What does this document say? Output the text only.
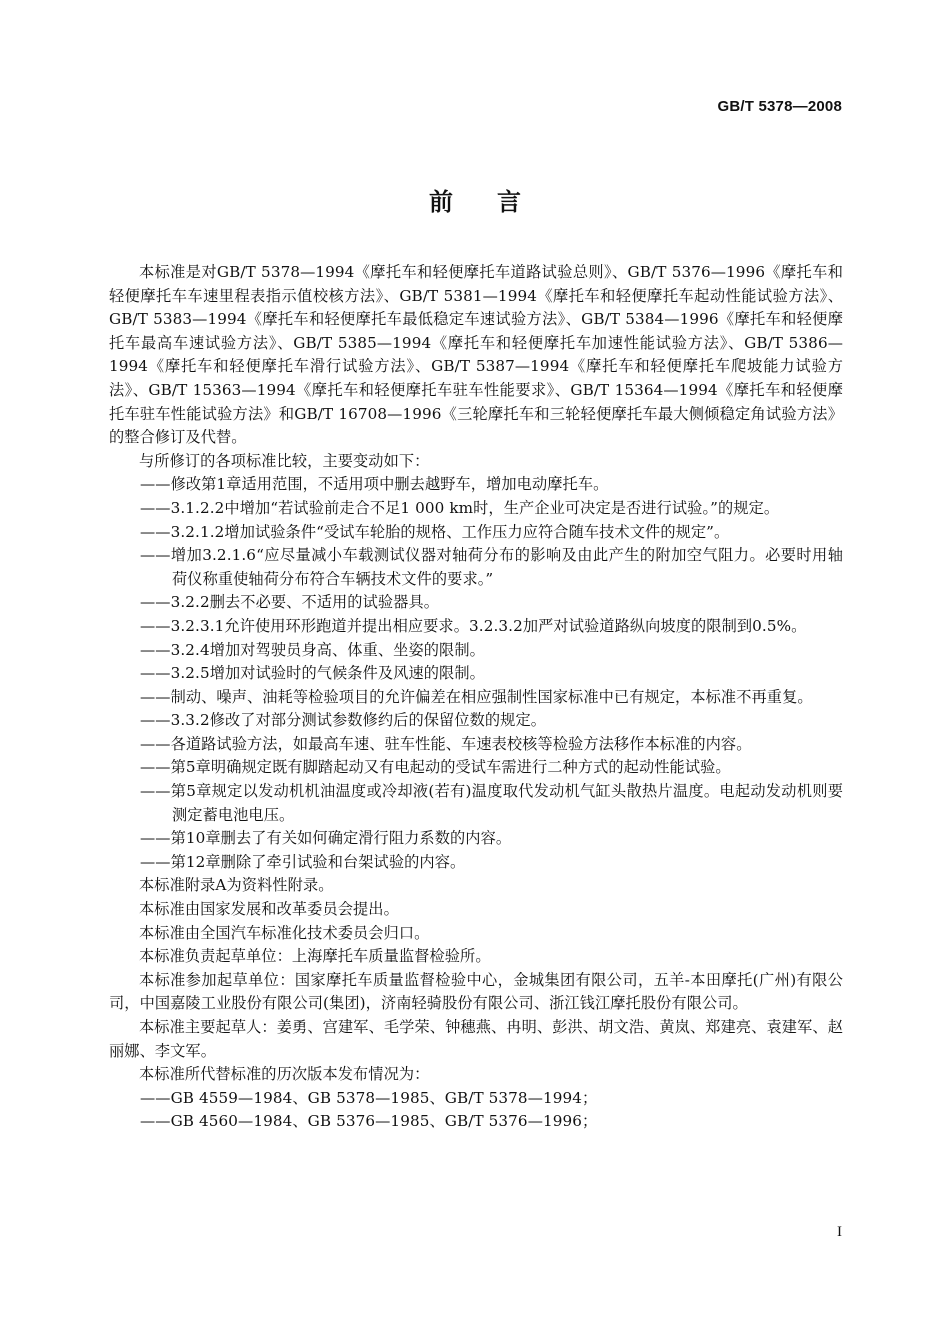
GB/T 5378—2008
前言

本标准是对GB/T 5378—1994《摩托车和轻便摩托车道路试验总则》、GB/T 5376—1996《摩托车和轻便摩托车车速里程表指示值校核方法》、GB/T 5381—1994《摩托车和轻便摩托车起动性能试验方法》、GB/T 5383—1994《摩托车和轻便摩托车最低稳定车速试验方法》、GB/T 5384—1996《摩托车和轻便摩托车最高车速试验方法》、GB/T 5385—1994《摩托车和轻便摩托车加速性能试验方法》、GB/T 5386—1994《摩托车和轻便摩托车滑行试验方法》、GB/T 5387—1994《摩托车和轻便摩托车爬坡能力试验方法》、GB/T 15363—1994《摩托车和轻便摩托车驻车性能要求》、GB/T 15364—1994《摩托车和轻便摩托车驻车性能试验方法》和GB/T 16708—1996《三轮摩托车和三轮轻便摩托车最大侧倾稳定角试验方法》的整合修订及代替。

与所修订的各项标准比较，主要变动如下：

——修改第1章适用范围，不适用项中删去越野车，增加电动摩托车。

——3.1.2.2中增加“若试验前走合不足1 000 km时，生产企业可决定是否进行试验。”的规定。

——3.2.1.2增加试验条件“受试车轮胎的规格、工作压力应符合随车技术文件的规定”。

——增加3.2.1.6“应尽量减小车载测试仪器对轴荷分布的影响及由此产生的附加空气阻力。必要时用轴荷仪称重使轴荷分布符合车辆技术文件的要求。”

——3.2.2删去不必要、不适用的试验器具。

——3.2.3.1允许使用环形跑道并提出相应要求。3.2.3.2加严对试验道路纵向坡度的限制到0.5%。

——3.2.4增加对驾驶员身高、体重、坐姿的限制。

——3.2.5增加对试验时的气候条件及风速的限制。

——制动、噪声、油耗等检验项目的允许偏差在相应强制性国家标准中已有规定，本标准不再重复。

——3.3.2修改了对部分测试参数修约后的保留位数的规定。

——各道路试验方法，如最高车速、驻车性能、车速表校核等检验方法移作本标准的内容。

——第5章明确规定既有脚踏起动又有电起动的受试车需进行二种方式的起动性能试验。

——第5章规定以发动机机油温度或冷却液(若有)温度取代发动机气缸头散热片温度。电起动发动机则要测定蓄电池电压。

——第10章删去了有关如何确定滑行阻力系数的内容。

——第12章删除了牵引试验和台架试验的内容。

本标准附录A为资料性附录。

本标准由国家发展和改革委员会提出。

本标准由全国汽车标准化技术委员会归口。

本标准负责起草单位：上海摩托车质量监督检验所。

本标准参加起草单位：国家摩托车质量监督检验中心，金城集团有限公司，五羊-本田摩托(广州)有限公司，中国嘉陵工业股份有限公司(集团)，济南轻骑股份有限公司、浙江钱江摩托股份有限公司。

本标准主要起草人：姜勇、宫建军、毛学荣、钟穗燕、冉明、彭洪、胡文浩、黄岚、郑建亮、袁建军、赵丽娜、李文军。

本标准所代替标准的历次版本发布情况为：

——GB 4559—1984、GB 5378—1985、GB/T 5378—1994；

——GB 4560—1984、GB 5376—1985、GB/T 5376—1996；

I
